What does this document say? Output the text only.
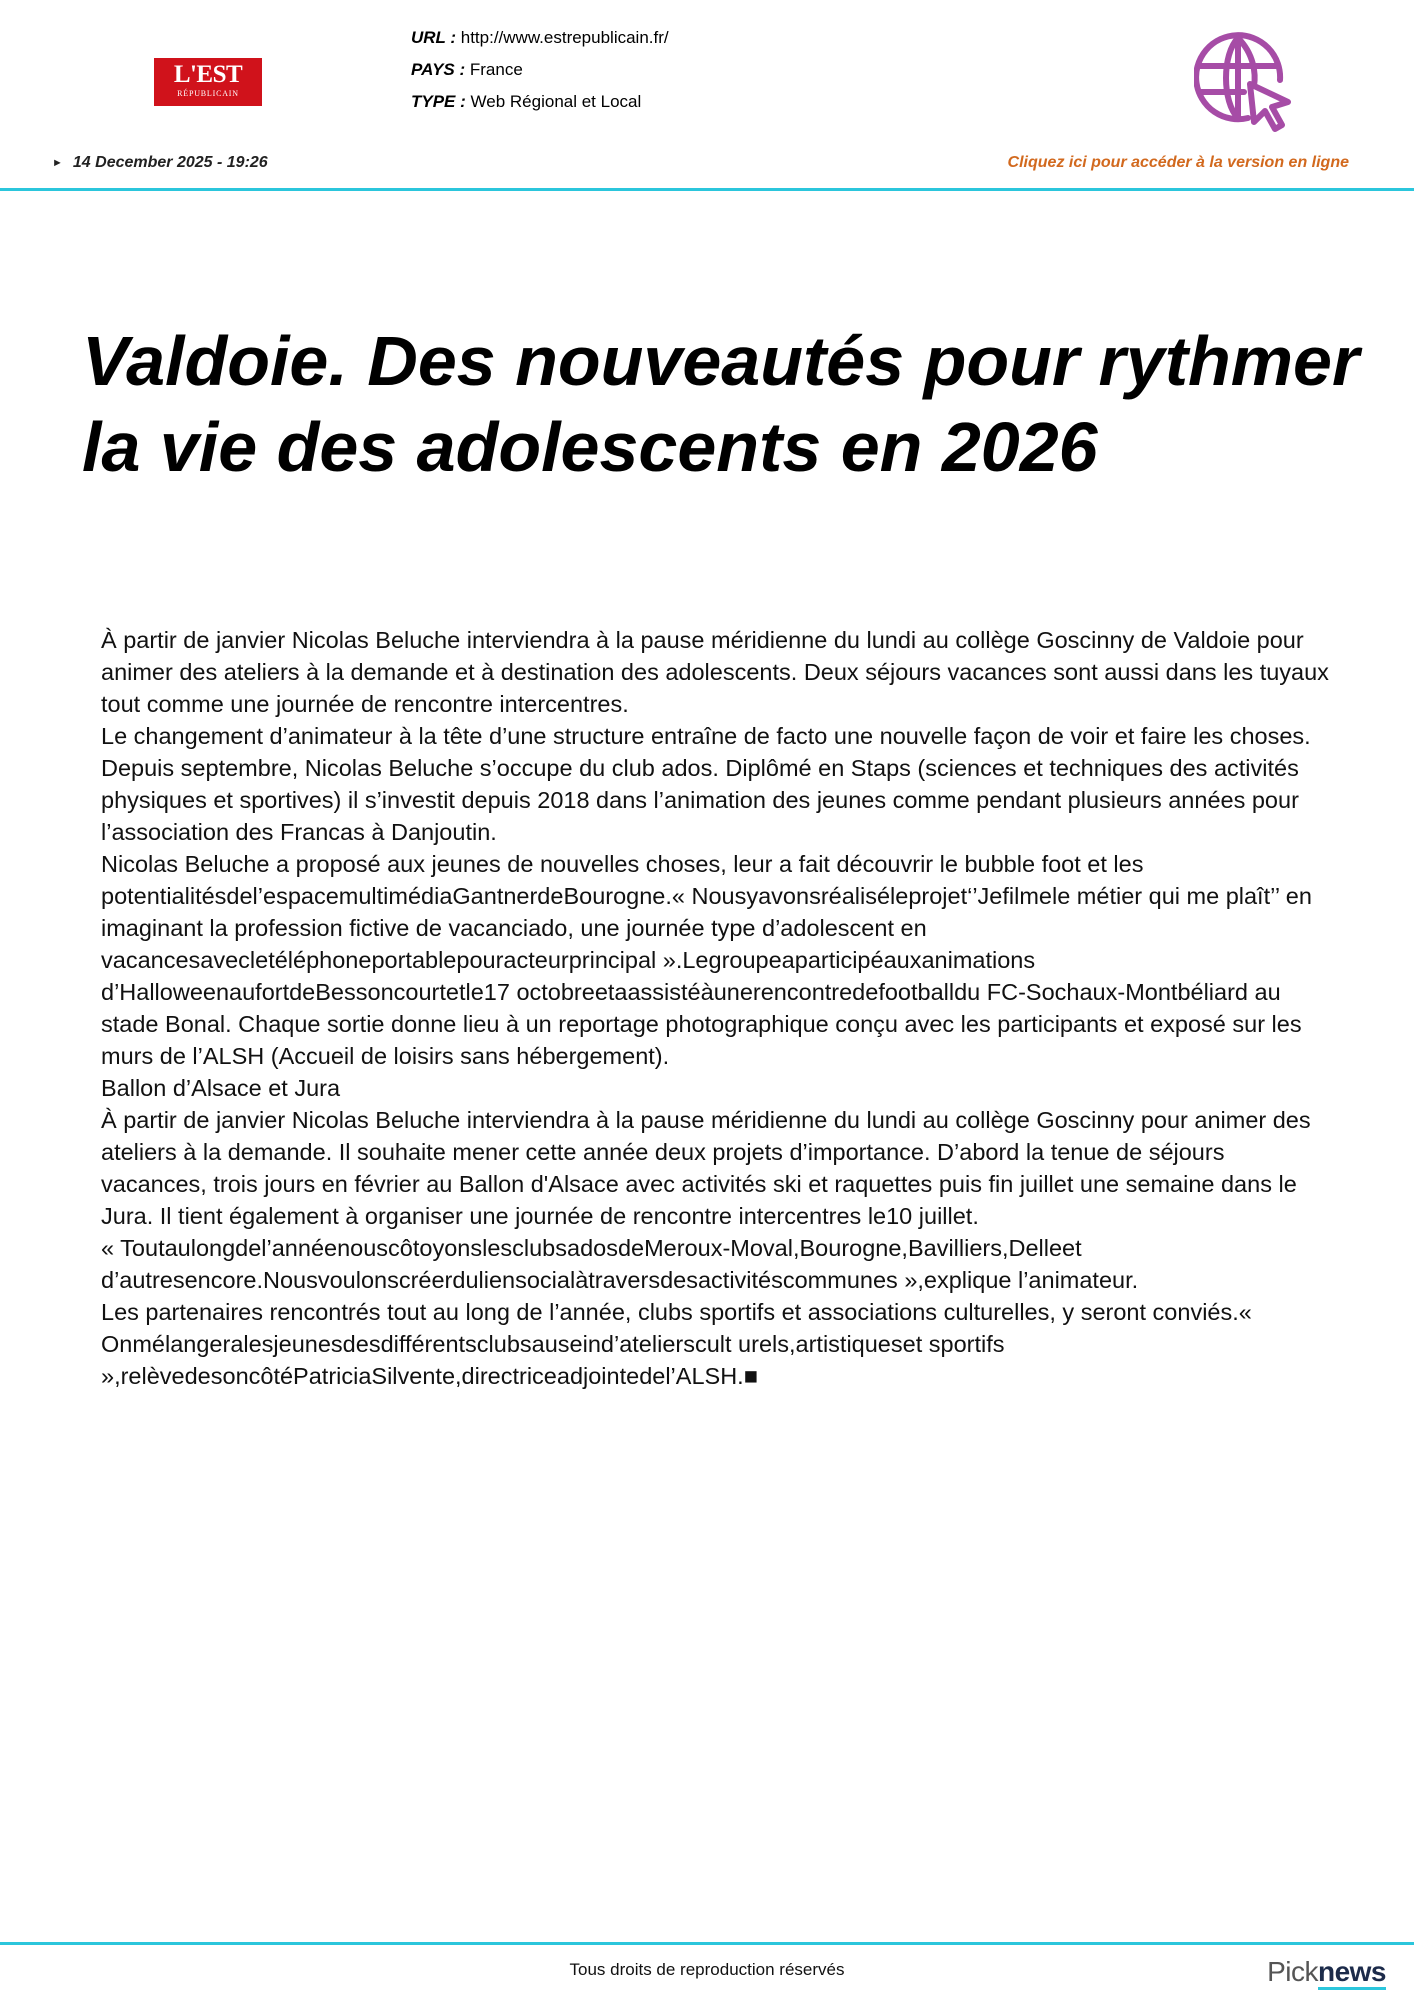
L'EST
RÉPUBLICAIN
URL : http://www.estrepublicain.fr/
PAYS : France
TYPE : Web Régional et Local
► 14 December 2025 - 19:26	Cliquez ici pour accéder à la version en ligne
Valdoie. Des nouveautés pour rythmer la vie des adolescents en 2026

À partir de janvier Nicolas Beluche interviendra à la pause méridienne du lundi au collège Goscinny de Valdoie pour animer des ateliers à la demande et à destination des adolescents. Deux séjours vacances sont aussi dans les tuyaux tout comme une journée de rencontre intercentres.

Le changement d’animateur à la tête d’une structure entraîne de facto une nouvelle façon de voir et faire les choses. Depuis septembre, Nicolas Beluche s’occupe du club ados. Diplômé en Staps (sciences et techniques des activités physiques et sportives) il s’investit depuis 2018 dans l’animation des jeunes comme pendant plusieurs années pour l’association des Francas à Danjoutin.

Nicolas Beluche a proposé aux jeunes de nouvelles choses, leur a fait découvrir le bubble foot et les potentialitésdel’espacemultimédiaGantnerdeBourogne.« Nousyavonsréaliséleprojet‘’Jefilmele métier qui me plaît’’ en imaginant la profession fictive de vacanciado, une journée type d’adolescent en vacancesavecletéléphoneportablepouracteurprincipal ».Legroupeaparticipéauxanimations d’HalloweenaufortdeBessoncourtetle17 octobreetaassistéàunerencontredefootballdu FC-Sochaux-Montbéliard au stade Bonal. Chaque sortie donne lieu à un reportage photographique conçu avec les participants et exposé sur les murs de l’ALSH (Accueil de loisirs sans hébergement).

Ballon d’Alsace et Jura

À partir de janvier Nicolas Beluche interviendra à la pause méridienne du lundi au collège Goscinny pour animer des ateliers à la demande. Il souhaite mener cette année deux projets d’importance. D’abord la tenue de séjours vacances, trois jours en février au Ballon d'Alsace avec activités ski et raquettes puis fin juillet une semaine dans le Jura. Il tient également à organiser une journée de rencontre intercentres le10 juillet.

« Toutaulongdel’annéenouscôtoyonslesclubsadosdeMeroux-Moval,Bourogne,Bavilliers,Delleet d’autresencore.Nousvoulonscréerduliensocialàtraversdesactivitéscommunes »,explique l’animateur.

Les partenaires rencontrés tout au long de l’année, clubs sportifs et associations culturelles, y seront conviés.« Onmélangeralesjeunesdesdifférentsclubsauseind’atelierscult urels,artistiqueset sportifs »,relèvedesoncôtéPatriciaSilvente,directriceadjointedel’ALSH.■

Tous droits de reproduction réservés	Picknews
